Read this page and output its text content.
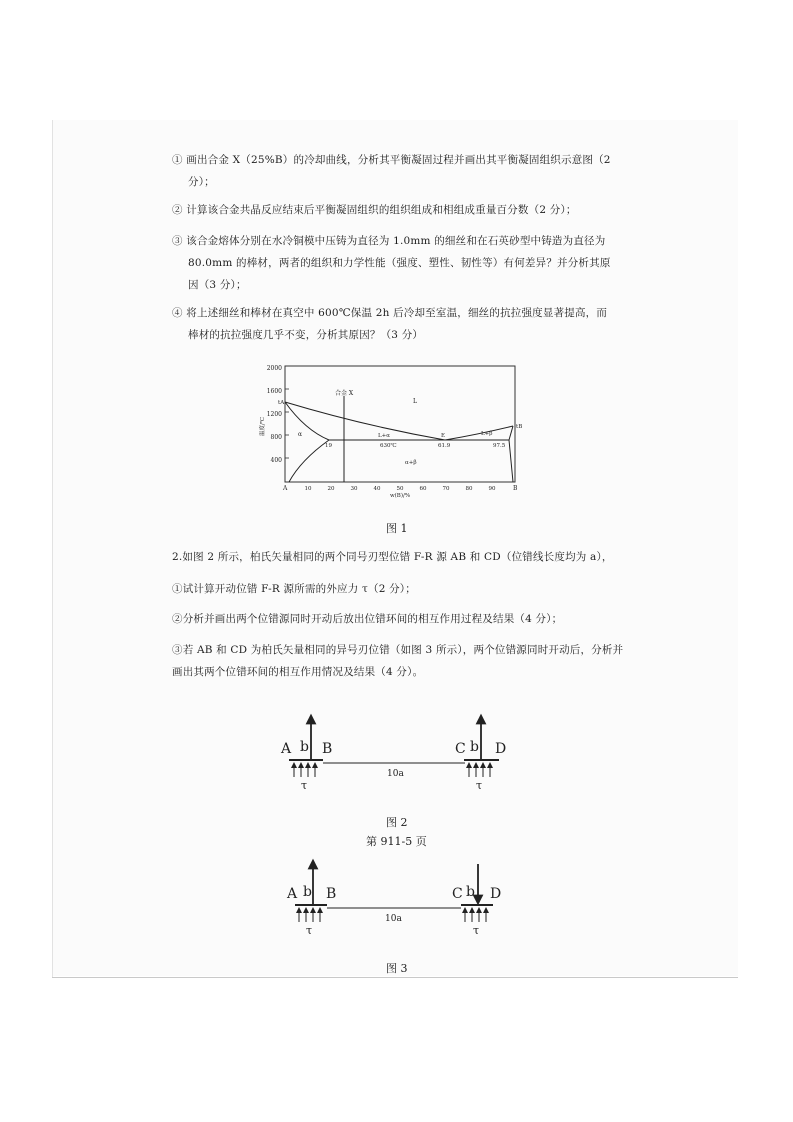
① 画出合金 X（25%B）的冷却曲线，分析其平衡凝固过程并画出其平衡凝固组织示意图（2
分）；
② 计算该合金共晶反应结束后平衡凝固组织的组织组成和相组成重量百分数（2 分）；
③ 该合金熔体分别在水冷铜模中压铸为直径为 1.0mm 的细丝和在石英砂型中铸造为直径为
80.0mm 的棒材，两者的组织和力学性能（强度、塑性、韧性等）有何差异？并分析其原
因（3 分）；
④ 将上述细丝和棒材在真空中 600℃保温 2h 后冷却至室温，细丝的抗拉强度显著提高，而
棒材的抗拉强度几乎不变，分析其原因？（3 分）
2000
1600
1200
800
400
温度/℃
tA
tB
合金 X
L
α	L+α	L+β
α+β
630℃
19	61.9	97.5
E
A	10	20	30	40	50	60	70	80	90	B
w(B)/%
图 1
2.如图 2 所示，柏氏矢量相同的两个同号刃型位错 F-R 源 AB 和 CD（位错线长度均为 a），
①试计算开动位错 F-R 源所需的外应力 τ（2 分）；
②分析并画出两个位错源同时开动后放出位错环间的相互作用过程及结果（4 分）；
③若 AB 和 CD 为柏氏矢量相同的异号刃位错（如图 3 所示），两个位错源同时开动后，分析并
画出其两个位错环间的相互作用情况及结果（4 分）。
A b B
τ
10a
C b D
τ
图 2
第 911-5 页
A b B
τ
10a
C b D
τ
图 3
